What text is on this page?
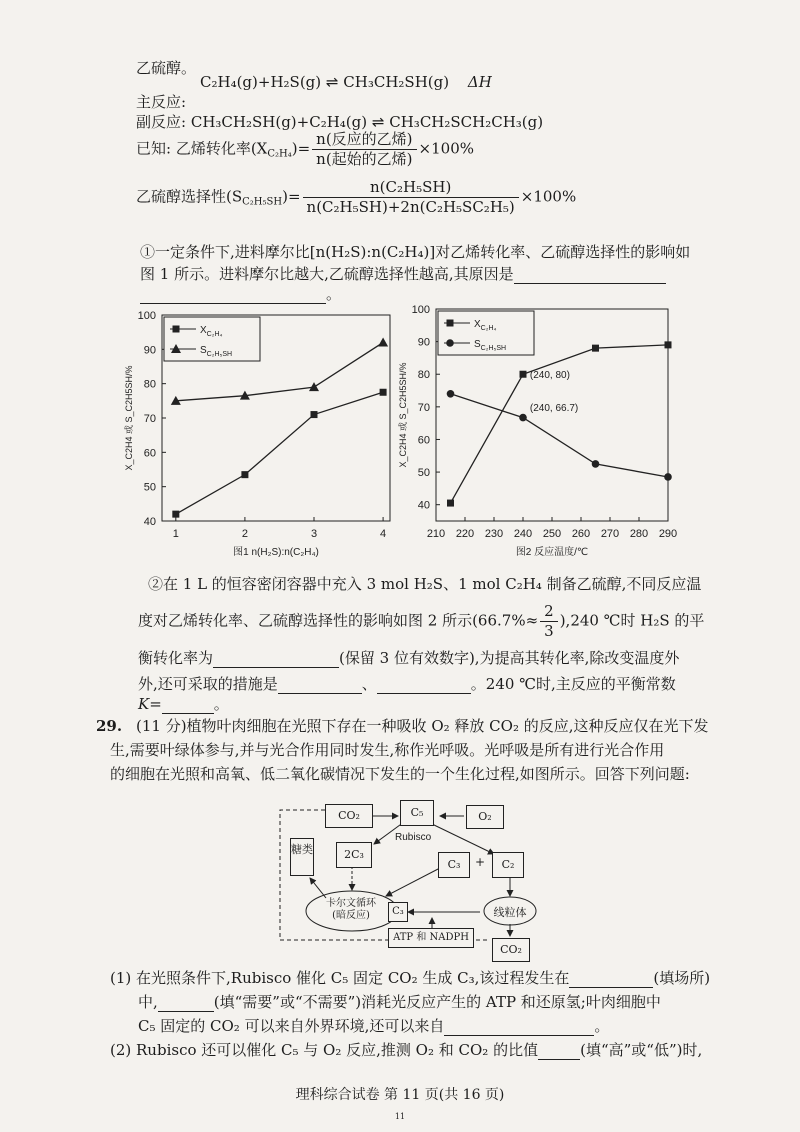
乙硫醇。
C₂H₄(g)+H₂S(g) ⇌ CH₃CH₂SH(g) ΔH
主反应:
副反应: CH₃CH₂SH(g)+C₂H₄(g) ⇌ CH₃CH₂SCH₂CH₃(g)
已知: 乙烯转化率$(X_{C_2H_4})= \frac{\text{n(反应的乙烯)}}{\text{n(起始的乙烯)}} \times 100\%$
乙硫醇选择性$(S_{C_2H_5SH})= \frac{\text{n(C₂H₅SH)}}{\text{n(C₂H₅SH)+2n(C₂H₅SC₂H₅)}} \times 100\%$
①一定条件下,进料摩尔比[n(H₂S):n(C₂H₄)]对乙烯转化率、乙硫醇选择性的影响如
图 1 所示。进料摩尔比越大,乙硫醇选择性越高,其原因是
。
40
50
60
70
80
90
100
1	2	3	4
X_C2H4 或 S_C2H5SH/%
图1 n(H₂S):n(C₂H₄)
$X_{C_2H_4}$
$S_{C_2H_5SH}$
40
50
60
70
80
90
100
210 220 230 240 250 260 270 280 290
X_C2H4 或 S_C2H5SH/%
图2 反应温度/℃
$X_{C_2H_4}$
$S_{C_2H_5SH}$
(240, 80)
(240, 66.7)
②在 1 L 的恒容密闭容器中充入 3 mol H₂S、1 mol C₂H₄ 制备乙硫醇,不同反应温
度对乙烯转化率、乙硫醇选择性的影响如图 2 所示$(66.7\%\approx \frac{2}{3} ),240$ ℃时 H₂S 的平
衡转化率为	(保留 3 位有效数字),为提高其转化率,除改变温度外
外,还可采取的措施是	、	。240 ℃时,主反应的平衡常数
K=	。
29. (11 分)植物叶肉细胞在光照下存在一种吸收 O₂ 释放 CO₂ 的反应,这种反应仅在光下发
生,需要叶绿体参与,并与光合作用同时发生,称作光呼吸。光呼吸是所有进行光合作用
的细胞在光照和高氧、低二氧化碳情况下发生的一个生化过程,如图所示。回答下列问题:
CO₂	C₅	O₂
Rubisco
糖类	2C₃
C₃	+	C₂
卡尔文循环
(暗反应)	C₃	线粒体
ATP 和 NADPH
CO₂
(1) 在光照条件下,Rubisco 催化 C₅ 固定 CO₂ 生成 C₃,该过程发生在	(填场所)
中,	(填“需要”或“不需要”)消耗光反应产生的 ATP 和还原氢;叶肉细胞中
C₅ 固定的 CO₂ 可以来自外界环境,还可以来自	。
(2) Rubisco 还可以催化 C₅ 与 O₂ 反应,推测 O₂ 和 CO₂ 的比值	(填“高”或“低”)时,
理科综合试卷 第 11 页(共 16 页)
11
